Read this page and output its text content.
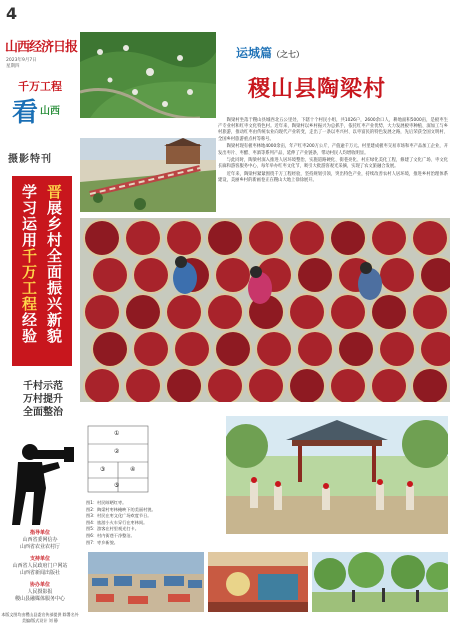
4
山西经济日报
2023年9月7日
星期四
千万工程
看 山西
摄影特刊
学习运用千万工程经验
晋展乡村全面振兴新貌
千村示范
万村提升
全面整治
指导单位
山西省委网信办
山西省农业农村厅
支持单位
山西省人民政府门户网站
山西省新闻出版社
协办单位
人民摄影报
稷山县融媒体服务中心
本版文图均由稷山县委宣传部提供 除署名外
美编/版式设计 刘 静
运城篇（之七）
稷山县陶梁村

陶梁村坐落于稷山县城西北五公里处，下辖十个村民小组，共1026户，2600余口人，耕地面积5000亩，是板枣生产专业村和红枣文化特色村。近年来，陶梁村以乡村振兴为总抓手，依托红枣产业优势，大力发展板枣种植、深加工与乡村旅游，推动红枣由传统农业向现代产业转变，走出了一条以枣兴村、以枣富民的特色发展之路，先后荣获全国文明村、全国乡村旅游重点村等称号。

陶梁村现有板枣林地4000余亩，年产红枣200万公斤，产值逾千万元。村里建成板枣交易市场和枣产品加工企业，开发出枣片、枣醋、枣酒等系列产品，延伸了产业链条，带动村民人均增收明显。

与此同时，陶梁村深入推进人居环境整治，实施道路硬化、街巷亮化、村庄绿化美化工程，修建了文化广场、枣文化长廊和游客服务中心，每年举办红枣文化节，吸引大批游客观光采摘，实现了农文旅融合发展。

近年来，陶梁村紧紧围绕千万工程经验，坚持规划引领，突出特色产业，持续改善农村人居环境，推进乡村治理体系建设，美丽乡村的新画卷正在稷山大地上徐徐展开。

①
②
③	④
⑤
图1：村民晾晒红枣。
图2：陶梁村枣林掩映下的美丽村貌。
图3：村民在枣文化广场欢度节日。
图4：旅游小火车穿行在枣林间。
图5：游客在村里观光打卡。
图6：村内街巷干净整洁。
图7：枣乡新貌。
